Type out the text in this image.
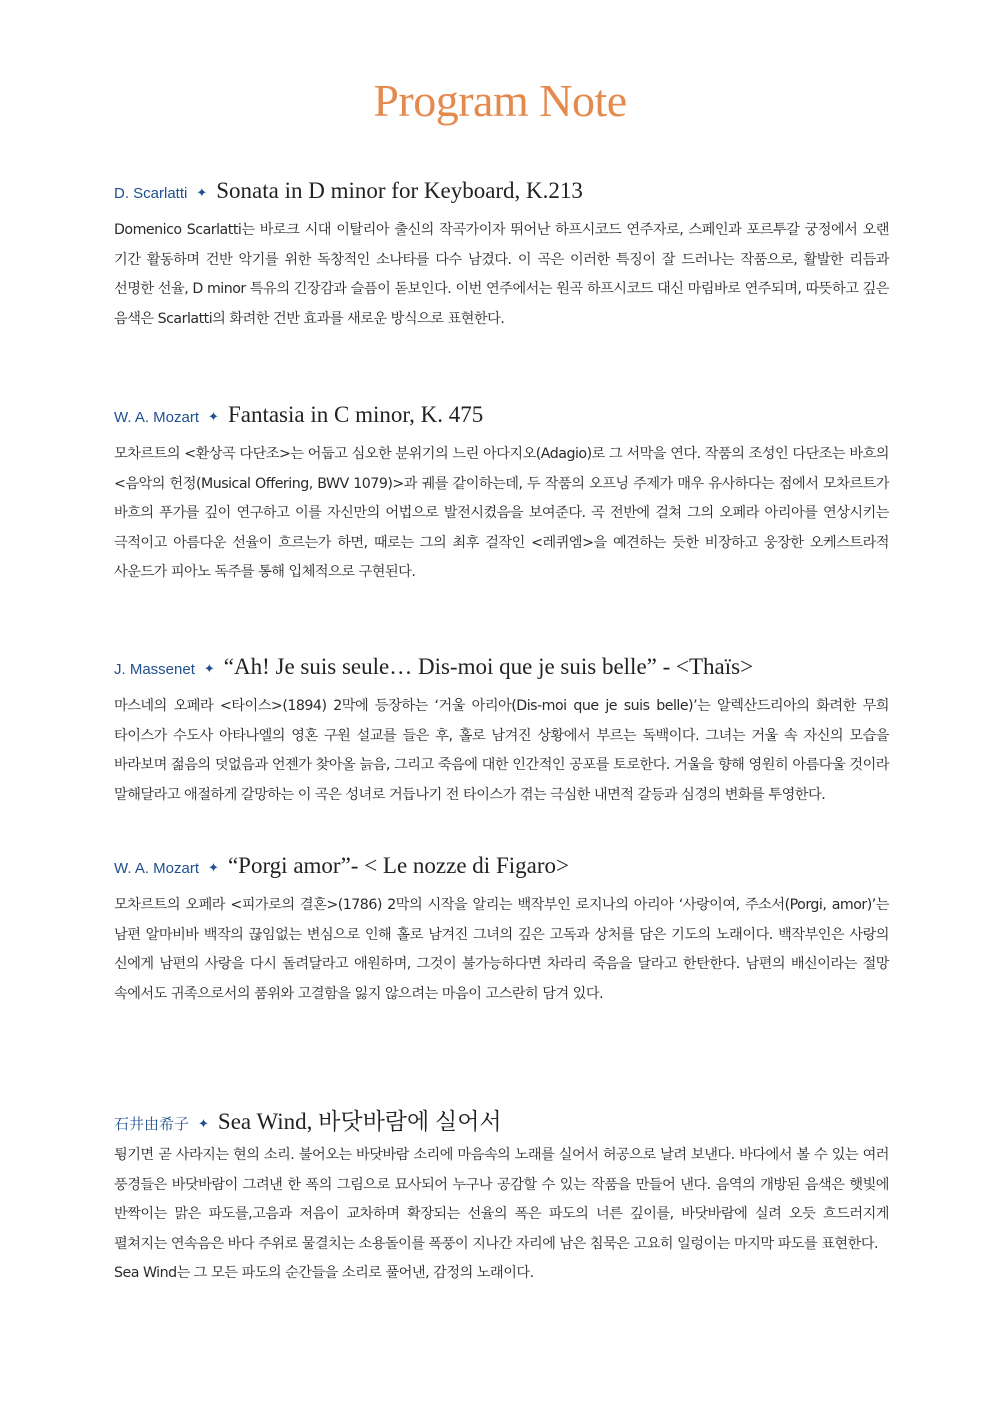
Program Note
D. Scarlatti ✦ Sonata in D minor for Keyboard, K.213

Domenico Scarlatti는 바로크 시대 이탈리아 출신의 작곡가이자 뛰어난 하프시코드 연주자로, 스페인과 포르투갈 궁정에서 오랜 기간 활동하며 건반 악기를 위한 독창적인 소나타를 다수 남겼다. 이 곡은 이러한 특징이 잘 드러나는 작품으로, 활발한 리듬과 선명한 선율, D minor 특유의 긴장감과 슬픔이 돋보인다. 이번 연주에서는 원곡 하프시코드 대신 마림바로 연주되며, 따뜻하고 깊은 음색은 Scarlatti의 화려한 건반 효과를 새로운 방식으로 표현한다.

W. A. Mozart ✦ Fantasia in C minor, K. 475

모차르트의 <환상곡 다단조>는 어둡고 심오한 분위기의 느린 아다지오(Adagio)로 그 서막을 연다. 작품의 조성인 다단조는 바흐의 <음악의 헌정(Musical Offering, BWV 1079)>과 궤를 같이하는데, 두 작품의 오프닝 주제가 매우 유사하다는 점에서 모차르트가 바흐의 푸가를 깊이 연구하고 이를 자신만의 어법으로 발전시켰음을 보여준다. 곡 전반에 걸쳐 그의 오페라 아리아를 연상시키는 극적이고 아름다운 선율이 흐르는가 하면, 때로는 그의 최후 걸작인 <레퀴엠>을 예견하는 듯한 비장하고 웅장한 오케스트라적 사운드가 피아노 독주를 통해 입체적으로 구현된다.

J. Massenet ✦ “Ah! Je suis seule… Dis-moi que je suis belle” - <Thaïs>

마스네의 오페라 <타이스>(1894) 2막에 등장하는 ‘거울 아리아(Dis-moi que je suis belle)’는 알렉산드리아의 화려한 무희 타이스가 수도사 아타나엘의 영혼 구원 설교를 들은 후, 홀로 남겨진 상황에서 부르는 독백이다. 그녀는 거울 속 자신의 모습을 바라보며 젊음의 덧없음과 언젠가 찾아올 늙음, 그리고 죽음에 대한 인간적인 공포를 토로한다. 거울을 향해 영원히 아름다울 것이라 말해달라고 애절하게 갈망하는 이 곡은 성녀로 거듭나기 전 타이스가 겪는 극심한 내면적 갈등과 심경의 변화를 투영한다.

W. A. Mozart ✦ “Porgi amor”- < Le nozze di Figaro>

모차르트의 오페라 <피가로의 결혼>(1786) 2막의 시작을 알리는 백작부인 로지나의 아리아 ‘사랑이여, 주소서(Porgi, amor)’는 남편 알마비바 백작의 끊임없는 변심으로 인해 홀로 남겨진 그녀의 깊은 고독과 상처를 담은 기도의 노래이다. 백작부인은 사랑의 신에게 남편의 사랑을 다시 돌려달라고 애원하며, 그것이 불가능하다면 차라리 죽음을 달라고 한탄한다. 남편의 배신이라는 절망 속에서도 귀족으로서의 품위와 고결함을 잃지 않으려는 마음이 고스란히 담겨 있다.

石井由希子 ✦ Sea Wind, 바닷바람에 실어서

튕기면 곧 사라지는 현의 소리. 불어오는 바닷바람 소리에 마음속의 노래를 실어서 허공으로 날려 보낸다. 바다에서 볼 수 있는 여러 풍경들은 바닷바람이 그려낸 한 폭의 그림으로 묘사되어 누구나 공감할 수 있는 작품을 만들어 낸다. 음역의 개방된 음색은 햇빛에 반짝이는 맑은 파도를,고음과 저음이 교차하며 확장되는 선율의 폭은 파도의 너른 깊이를, 바닷바람에 실려 오듯 흐드러지게 펼쳐지는 연속음은 바다 주위로 물결치는 소용돌이를 폭풍이 지나간 자리에 남은 침묵은 고요히 일렁이는 마지막 파도를 표현한다.

Sea Wind는 그 모든 파도의 순간들을 소리로 풀어낸, 감정의 노래이다.
